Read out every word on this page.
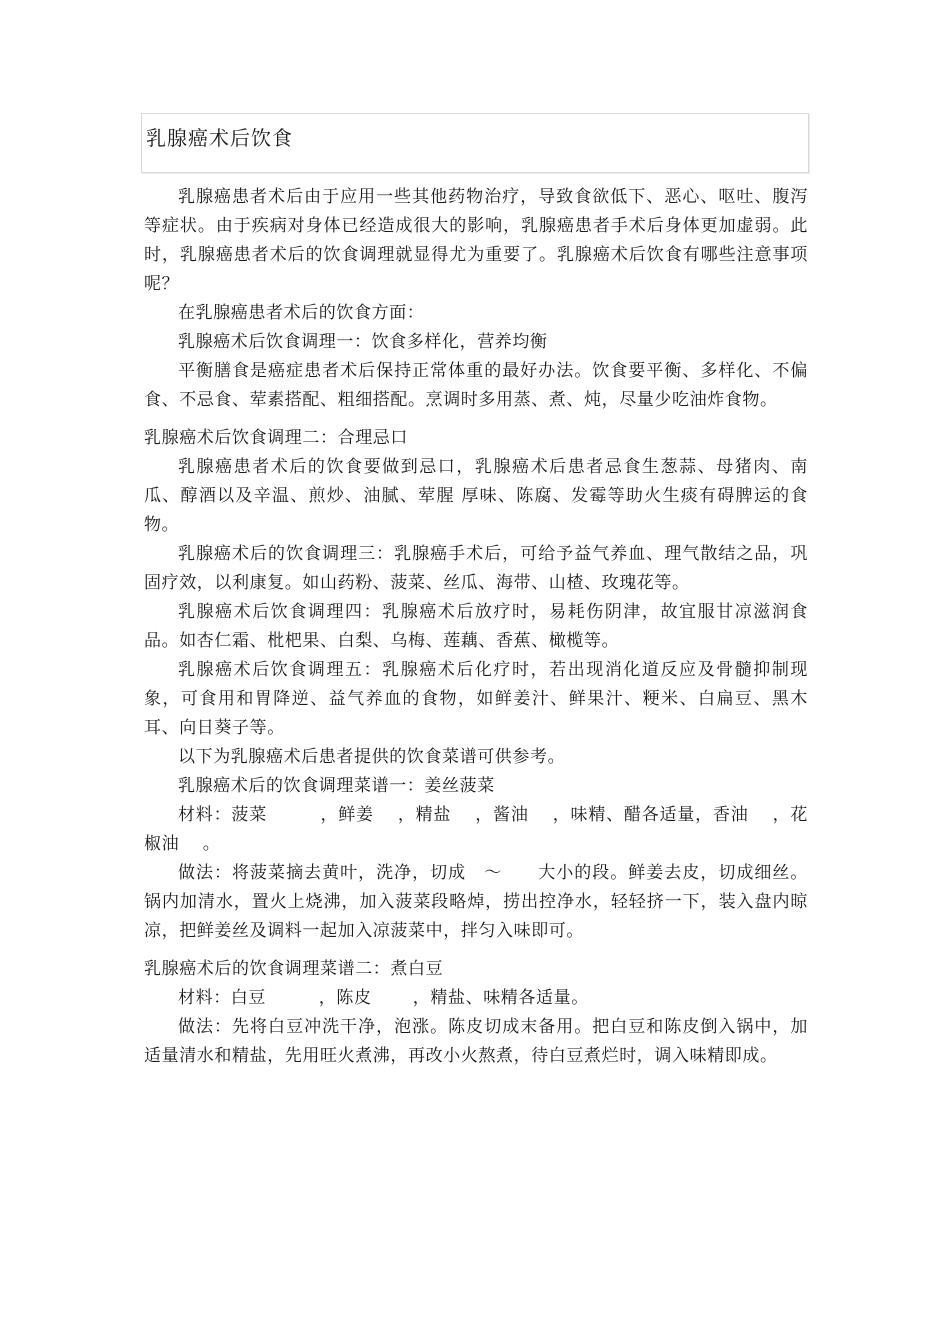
乳腺癌术后饮食

乳腺癌患者术后由于应用一些其他药物治疗，导致食欲低下、恶心、呕吐、腹泻等症状。由于疾病对身体已经造成很大的影响，乳腺癌患者手术后身体更加虚弱。此时，乳腺癌患者术后的饮食调理就显得尤为重要了。乳腺癌术后饮食有哪些注意事项呢？

在乳腺癌患者术后的饮食方面：

乳腺癌术后饮食调理一：饮食多样化，营养均衡

平衡膳食是癌症患者术后保持正常体重的最好办法。饮食要平衡、多样化、不偏食、不忌食、荤素搭配、粗细搭配。烹调时多用蒸、煮、炖，尽量少吃油炸食物。

乳腺癌术后饮食调理二：合理忌口

乳腺癌患者术后的饮食要做到忌口，乳腺癌术后患者忌食生葱蒜、母猪肉、南瓜、醇酒以及辛温、煎炒、油腻、荤腥 厚味、陈腐、发霉等助火生痰有碍脾运的食物。

乳腺癌术后的饮食调理三：乳腺癌手术后，可给予益气养血、理气散结之品，巩固疗效，以利康复。如山药粉、菠菜、丝瓜、海带、山楂、玫瑰花等。

乳腺癌术后饮食调理四：乳腺癌术后放疗时，易耗伤阴津，故宜服甘凉滋润食品。如杏仁霜、枇杷果、白梨、乌梅、莲藕、香蕉、橄榄等。

乳腺癌术后饮食调理五：乳腺癌术后化疗时，若出现消化道反应及骨髓抑制现象，可食用和胃降逆、益气养血的食物，如鲜姜汁、鲜果汁、粳米、白扁豆、黑木耳、向日葵子等。

以下为乳腺癌术后患者提供的饮食菜谱可供参考。

乳腺癌术后的饮食调理菜谱一：姜丝菠菜

材料：菠菜　　　，鲜姜　 ，精盐　 ，酱油　 ，味精、醋各适量，香油　 ，花椒油　 。

做法：将菠菜摘去黄叶，洗净，切成　～　　大小的段。鲜姜去皮，切成细丝。锅内加清水，置火上烧沸，加入菠菜段略焯，捞出控净水，轻轻挤一下，装入盘内晾凉，把鲜姜丝及调料一起加入凉菠菜中，拌匀入味即可。

乳腺癌术后的饮食调理菜谱二：煮白豆

材料：白豆　　　，陈皮　 　，精盐、味精各适量。

做法：先将白豆冲洗干净，泡涨。陈皮切成末备用。把白豆和陈皮倒入锅中，加适量清水和精盐，先用旺火煮沸，再改小火熬煮，待白豆煮烂时，调入味精即成。
